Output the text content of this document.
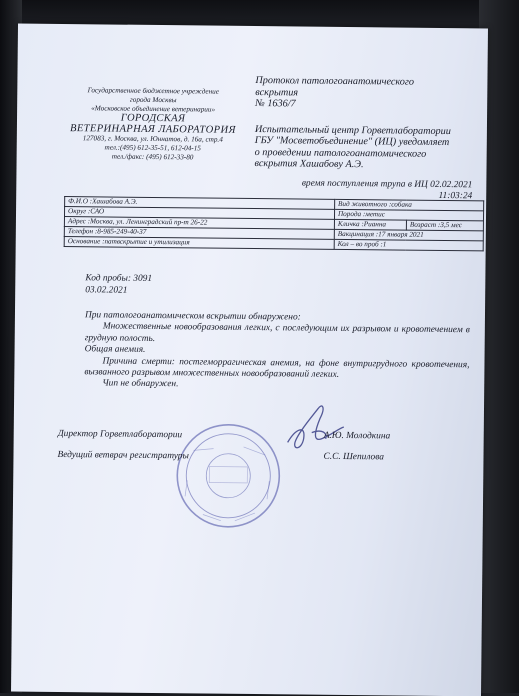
Государственное бюджетное учреждение
города Москвы
«Московское объединение ветеринарии»
ГОРОДСКАЯ
ВЕТЕРИНАРНАЯ ЛАБОРАТОРИЯ
127083, г. Москва, ул. Юннатов, д. 16а, стр.4
тел.:(495) 612-35-51, 612-04-15
тел./факс: (495) 612-33-80
Протокол патологоанатомического вскрытия
№ 1636/7
Испытательный центр Горветлаборатории
ГБУ "Мосветобъединение" (ИЦ) уведомляет
о проведении патологоанатомического
вскрытия Хашабову А.Э.
время поступления трупа в ИЦ 02.02.2021
11:03:24
Ф.И.О :Хашабова А.Э.	Вид животного :собака	
Округ :САО	Порода :метис	
Адрес :Москва, ул. Ленинградский пр-т 26-22	Кличка :Рианна	Возраст :3,5 мес
Телефон :8-985-249-40-37	Вакцинация :17 января 2021	
Основание :патвскрытие и утилизация	Кол – во проб :1	
Код пробы: 3091
03.02.2021

При патологоанатомическом вскрытии обнаружено:

Множественные новообразования легких, с последующим их разрывом и кровотечением в грудную полость.

Общая анемия.

Причина смерти: постгеморрагическая анемия, на фоне внутригрудного кровотечения, вызванного разрывом множественных новообразований легких.

Чип не обнаружен.

Директор Горветлаборатории	А.Ю. Молодкина
Ведущий ветврач регистратуры	С.С. Шепилова
